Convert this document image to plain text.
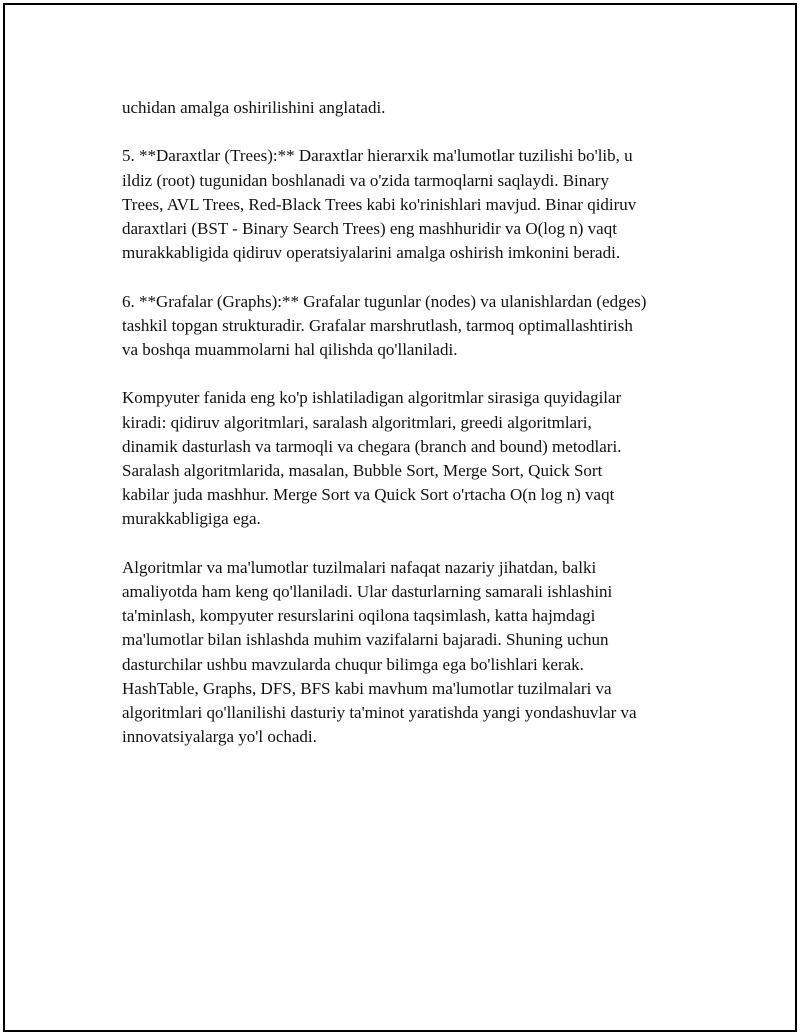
uchidan amalga oshirilishini anglatadi.

5. **Daraxtlar (Trees):** Daraxtlar hierarxik ma'lumotlar tuzilishi bo'lib, u
ildiz (root) tugunidan boshlanadi va o'zida tarmoqlarni saqlaydi. Binary
Trees, AVL Trees, Red-Black Trees kabi ko'rinishlari mavjud. Binar qidiruv
daraxtlari (BST - Binary Search Trees) eng mashhuridir va O(log n) vaqt
murakkabligida qidiruv operatsiyalarini amalga oshirish imkonini beradi.

6. **Grafalar (Graphs):** Grafalar tugunlar (nodes) va ulanishlardan (edges)
tashkil topgan strukturadir. Grafalar marshrutlash, tarmoq optimallashtirish
va boshqa muammolarni hal qilishda qo'llaniladi.

Kompyuter fanida eng ko'p ishlatiladigan algoritmlar sirasiga quyidagilar
kiradi: qidiruv algoritmlari, saralash algoritmlari, greedi algoritmlari,
dinamik dasturlash va tarmoqli va chegara (branch and bound) metodlari.
Saralash algoritmlarida, masalan, Bubble Sort, Merge Sort, Quick Sort
kabilar juda mashhur. Merge Sort va Quick Sort o'rtacha O(n log n) vaqt
murakkabligiga ega.

Algoritmlar va ma'lumotlar tuzilmalari nafaqat nazariy jihatdan, balki
amaliyotda ham keng qo'llaniladi. Ular dasturlarning samarali ishlashini
ta'minlash, kompyuter resurslarini oqilona taqsimlash, katta hajmdagi
ma'lumotlar bilan ishlashda muhim vazifalarni bajaradi. Shuning uchun
dasturchilar ushbu mavzularda chuqur bilimga ega bo'lishlari kerak.
HashTable, Graphs, DFS, BFS kabi mavhum ma'lumotlar tuzilmalari va
algoritmlari qo'llanilishi dasturiy ta'minot yaratishda yangi yondashuvlar va
innovatsiyalarga yo'l ochadi.
